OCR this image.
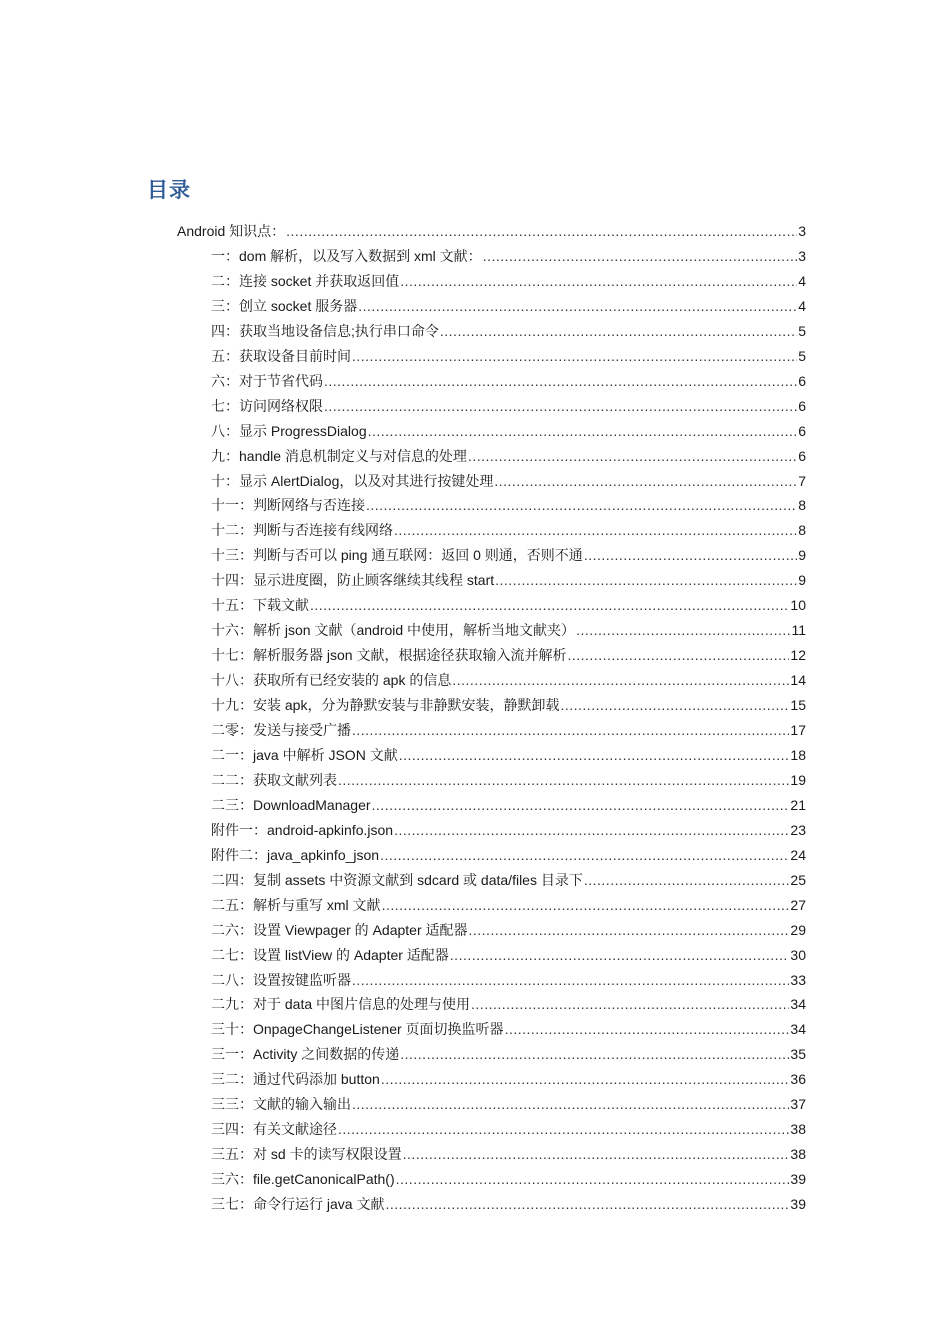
目录
Android 知识点： .....	3
一：dom 解析，以及写入数据到 xml 文献： .....	3
二：连接 socket 并获取返回值 .....	4
三：创立 socket 服务器 .....	4
四：获取当地设备信息;执行串口命令 .....	5
五：获取设备目前时间 .....	5
六：对于节省代码 .....	6
七：访问网络权限 .....	6
八：显示 ProgressDialog .....	6
九：handle 消息机制定义与对信息的处理 .....	6
十：显示 AlertDialog，以及对其进行按键处理 .....	7
十一：判断网络与否连接 .....	8
十二：判断与否连接有线网络 .....	8
十三：判断与否可以 ping 通互联网：返回 0 则通，否则不通 .....	9
十四：显示进度圈，防止顾客继续其线程 start .....	9
十五：下载文献 .....	10
十六：解析 json 文献（android 中使用，解析当地文献夹） .....	11
十七：解析服务器 json 文献，根据途径获取输入流并解析 .....	12
十八：获取所有已经安装的 apk 的信息 .....	14
十九：安装 apk，分为静默安装与非静默安装，静默卸载 .....	15
二零：发送与接受广播 .....	17
二一：java 中解析 JSON 文献 .....	18
二二：获取文献列表 .....	19
二三：DownloadManager .....	21
附件一：android-apkinfo.json .....	23
附件二：java_apkinfo_json .....	24
二四：复制 assets 中资源文献到 sdcard 或 data/files 目录下 .....	25
二五：解析与重写 xml 文献 .....	27
二六：设置 Viewpager 的 Adapter 适配器 .....	29
二七：设置 listView 的 Adapter 适配器 .....	30
二八：设置按键监听器 .....	33
二九：对于 data 中图片信息的处理与使用 .....	34
三十：OnpageChangeListener 页面切换监听器 .....	34
三一：Activity 之间数据的传递 .....	35
三二：通过代码添加 button .....	36
三三：文献的输入输出 .....	37
三四：有关文献途径 .....	38
三五：对 sd 卡的读写权限设置 .....	38
三六：file.getCanonicalPath() .....	39
三七：命令行运行 java 文献 .....	39
